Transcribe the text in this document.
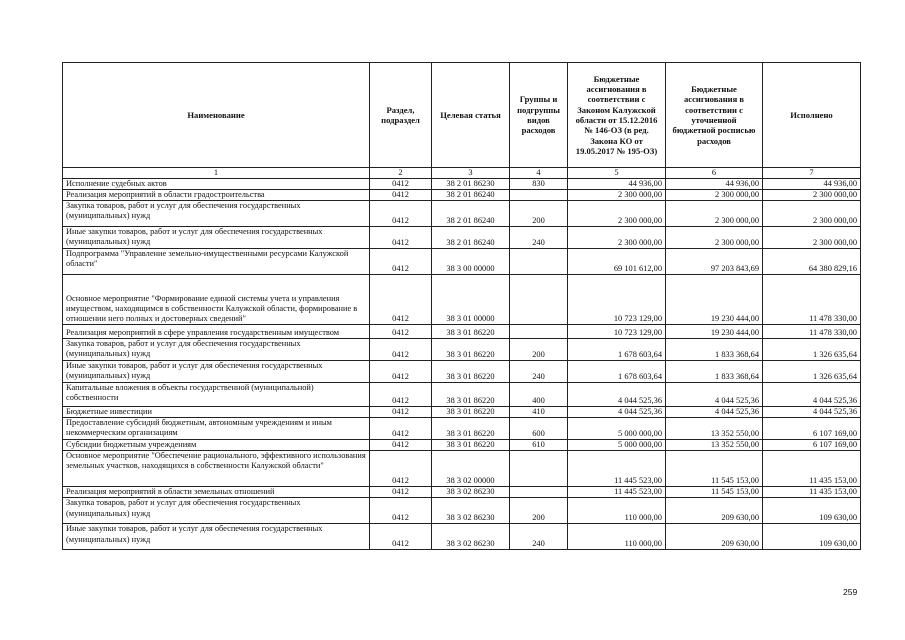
Наименование	Раздел, подраздел	Целевая статья	Группы и подгруппы видов расходов	Бюджетные ассигнования в соответствии с Законом Калужской области от 15.12.2016 № 146-ОЗ (в ред. Закона КО от 19.05.2017 № 195-ОЗ)	Бюджетные ассигнования в соответствии с уточненной бюджетной росписью расходов	Исполнено
1	2	3	4	5	6	7
Исполнение судебных актов	0412	38 2 01 86230	830	44 936,00	44 936,00	44 936,00
Реализация мероприятий в области градостроительства	0412	38 2 01 86240		2 300 000,00	2 300 000,00	2 300 000,00
Закупка товаров, работ и услуг для обеспечения государственных (муниципальных) нужд	0412	38 2 01 86240	200	2 300 000,00	2 300 000,00	2 300 000,00
Иные закупки товаров, работ и услуг для обеспечения государственных (муниципальных) нужд	0412	38 2 01 86240	240	2 300 000,00	2 300 000,00	2 300 000,00
Подпрограмма "Управление земельно-имущественными ресурсами Калужской области"	0412	38 3 00 00000		69 101 612,00	97 203 843,69	64 380 829,16
Основное мероприятие "Формирование единой системы учета и управления имуществом, находящимся в собственности Калужской области, формирование в отношении него полных и достоверных сведений"	0412	38 3 01 00000		10 723 129,00	19 230 444,00	11 478 330,00
Реализация мероприятий в сфере управления государственным имуществом	0412	38 3 01 86220		10 723 129,00	19 230 444,00	11 478 330,00
Закупка товаров, работ и услуг для обеспечения государственных (муниципальных) нужд	0412	38 3 01 86220	200	1 678 603,64	1 833 368,64	1 326 635,64
Иные закупки товаров, работ и услуг для обеспечения государственных (муниципальных) нужд	0412	38 3 01 86220	240	1 678 603,64	1 833 368,64	1 326 635,64
Капитальные вложения в объекты государственной (муниципальной) собственности	0412	38 3 01 86220	400	4 044 525,36	4 044 525,36	4 044 525,36
Бюджетные инвестиции	0412	38 3 01 86220	410	4 044 525,36	4 044 525,36	4 044 525,36
Предоставление субсидий бюджетным, автономным учреждениям и иным некоммерческим организациям	0412	38 3 01 86220	600	5 000 000,00	13 352 550,00	6 107 169,00
Субсидии бюджетным учреждениям	0412	38 3 01 86220	610	5 000 000,00	13 352 550,00	6 107 169,00
Основное мероприятие "Обеспечение рационального, эффективного использования земельных участков, находящихся в собственности Калужской области"	0412	38 3 02 00000		11 445 523,00	11 545 153,00	11 435 153,00
Реализация мероприятий в области земельных отношений	0412	38 3 02 86230		11 445 523,00	11 545 153,00	11 435 153,00
Закупка товаров, работ и услуг для обеспечения государственных (муниципальных) нужд	0412	38 3 02 86230	200	110 000,00	209 630,00	109 630,00
Иные закупки товаров, работ и услуг для обеспечения государственных (муниципальных) нужд	0412	38 3 02 86230	240	110 000,00	209 630,00	109 630,00
259
